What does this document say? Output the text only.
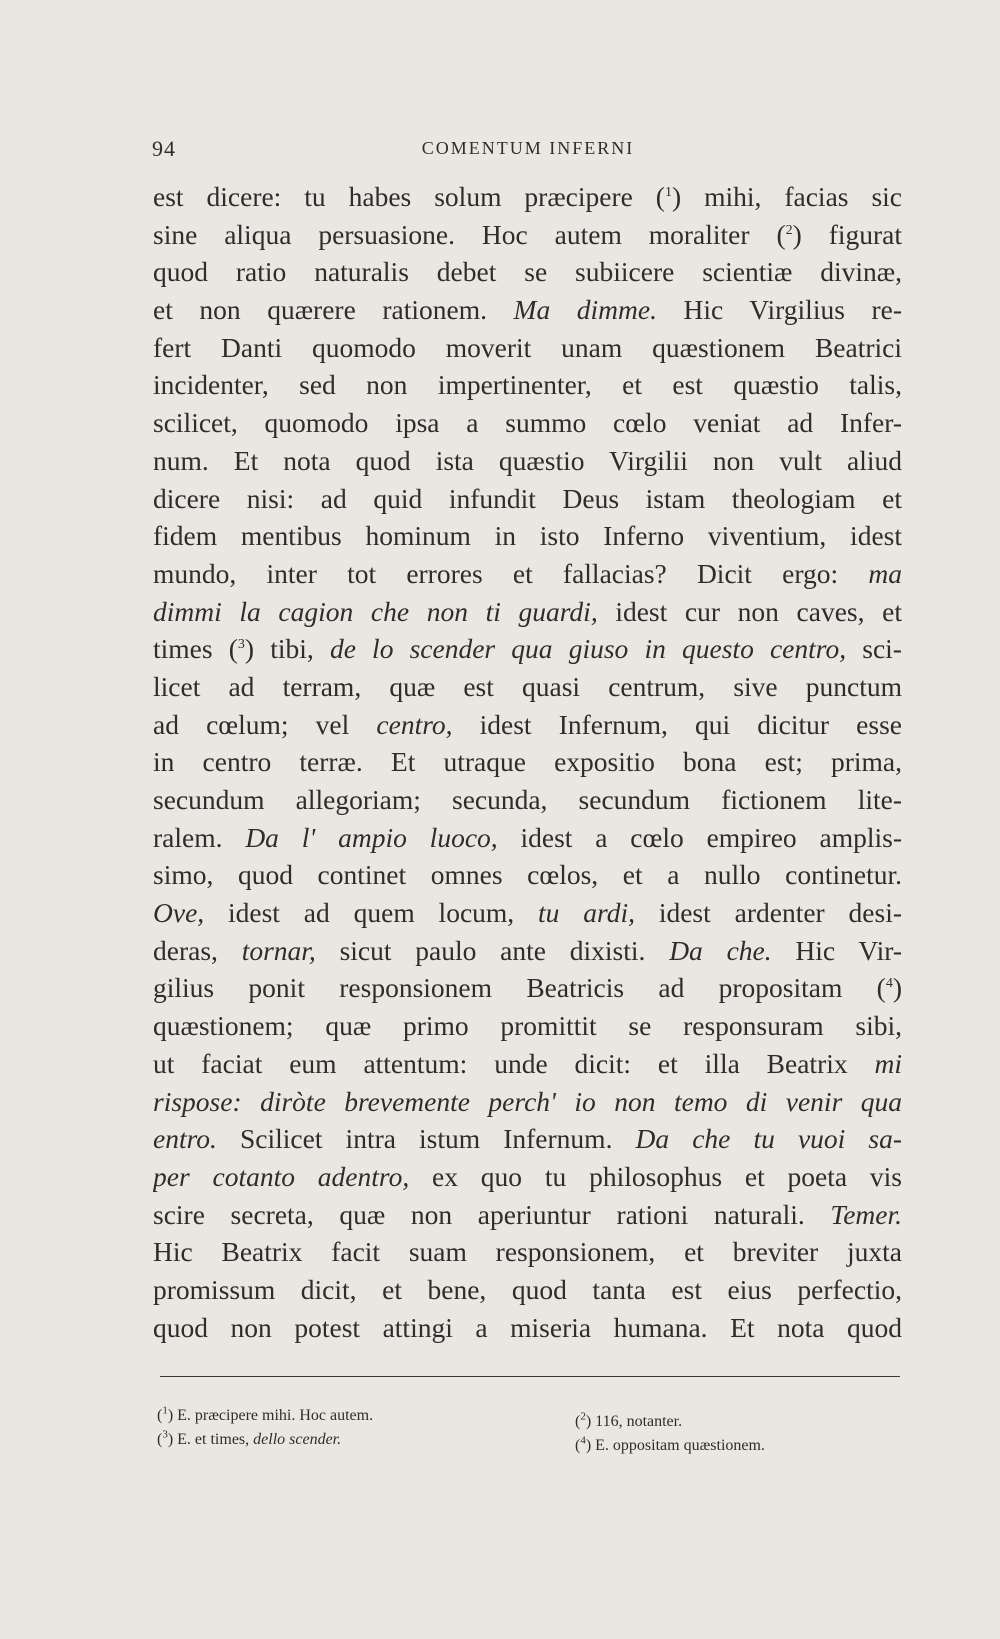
94	COMENTUM INFERNI
est dicere: tu habes solum præcipere ($^1$) mihi, facias sic
sine aliqua persuasione. Hoc autem moraliter ($^2$) figurat
quod ratio naturalis debet se subiicere scientiæ divinæ,
et non quærere rationem. Ma dimme. Hic Virgilius re-
fert Danti quomodo moverit unam quæstionem Beatrici
incidenter, sed non impertinenter, et est quæstio talis,
scilicet, quomodo ipsa a summo cœlo veniat ad Infer-
num. Et nota quod ista quæstio Virgilii non vult aliud
dicere nisi: ad quid infundit Deus istam theologiam et
fidem mentibus hominum in isto Inferno viventium, idest
mundo, inter tot errores et fallacias? Dicit ergo: ma
dimmi la cagion che non ti guardi, idest cur non caves, et
times ($^3$) tibi, de lo scender qua giuso in questo centro, sci-
licet ad terram, quæ est quasi centrum, sive punctum
ad cœlum; vel centro, idest Infernum, qui dicitur esse
in centro terræ. Et utraque expositio bona est; prima,
secundum allegoriam; secunda, secundum fictionem lite-
ralem. Da l' ampio luoco, idest a cœlo empireo amplis-
simo, quod continet omnes cœlos, et a nullo continetur.
Ove, idest ad quem locum, tu ardi, idest ardenter desi-
deras, tornar, sicut paulo ante dixisti. Da che. Hic Vir-
gilius ponit responsionem Beatricis ad propositam ($^4$)
quæstionem; quæ primo promittit se responsuram sibi,
ut faciat eum attentum: unde dicit: et illa Beatrix mi
rispose: diròte brevemente perch' io non temo di venir qua
entro. Scilicet intra istum Infernum. Da che tu vuoi sa-
per cotanto adentro, ex quo tu philosophus et poeta vis
scire secreta, quæ non aperiuntur rationi naturali. Temer.
Hic Beatrix facit suam responsionem, et breviter juxta
promissum dicit, et bene, quod tanta est eius perfectio,
quod non potest attingi a miseria humana. Et nota quod
($^1$) E. præcipere mihi. Hoc autem.
($^3$) E. et times, dello scender.
($^2$) 116, notanter.
($^4$) E. oppositam quæstionem.
